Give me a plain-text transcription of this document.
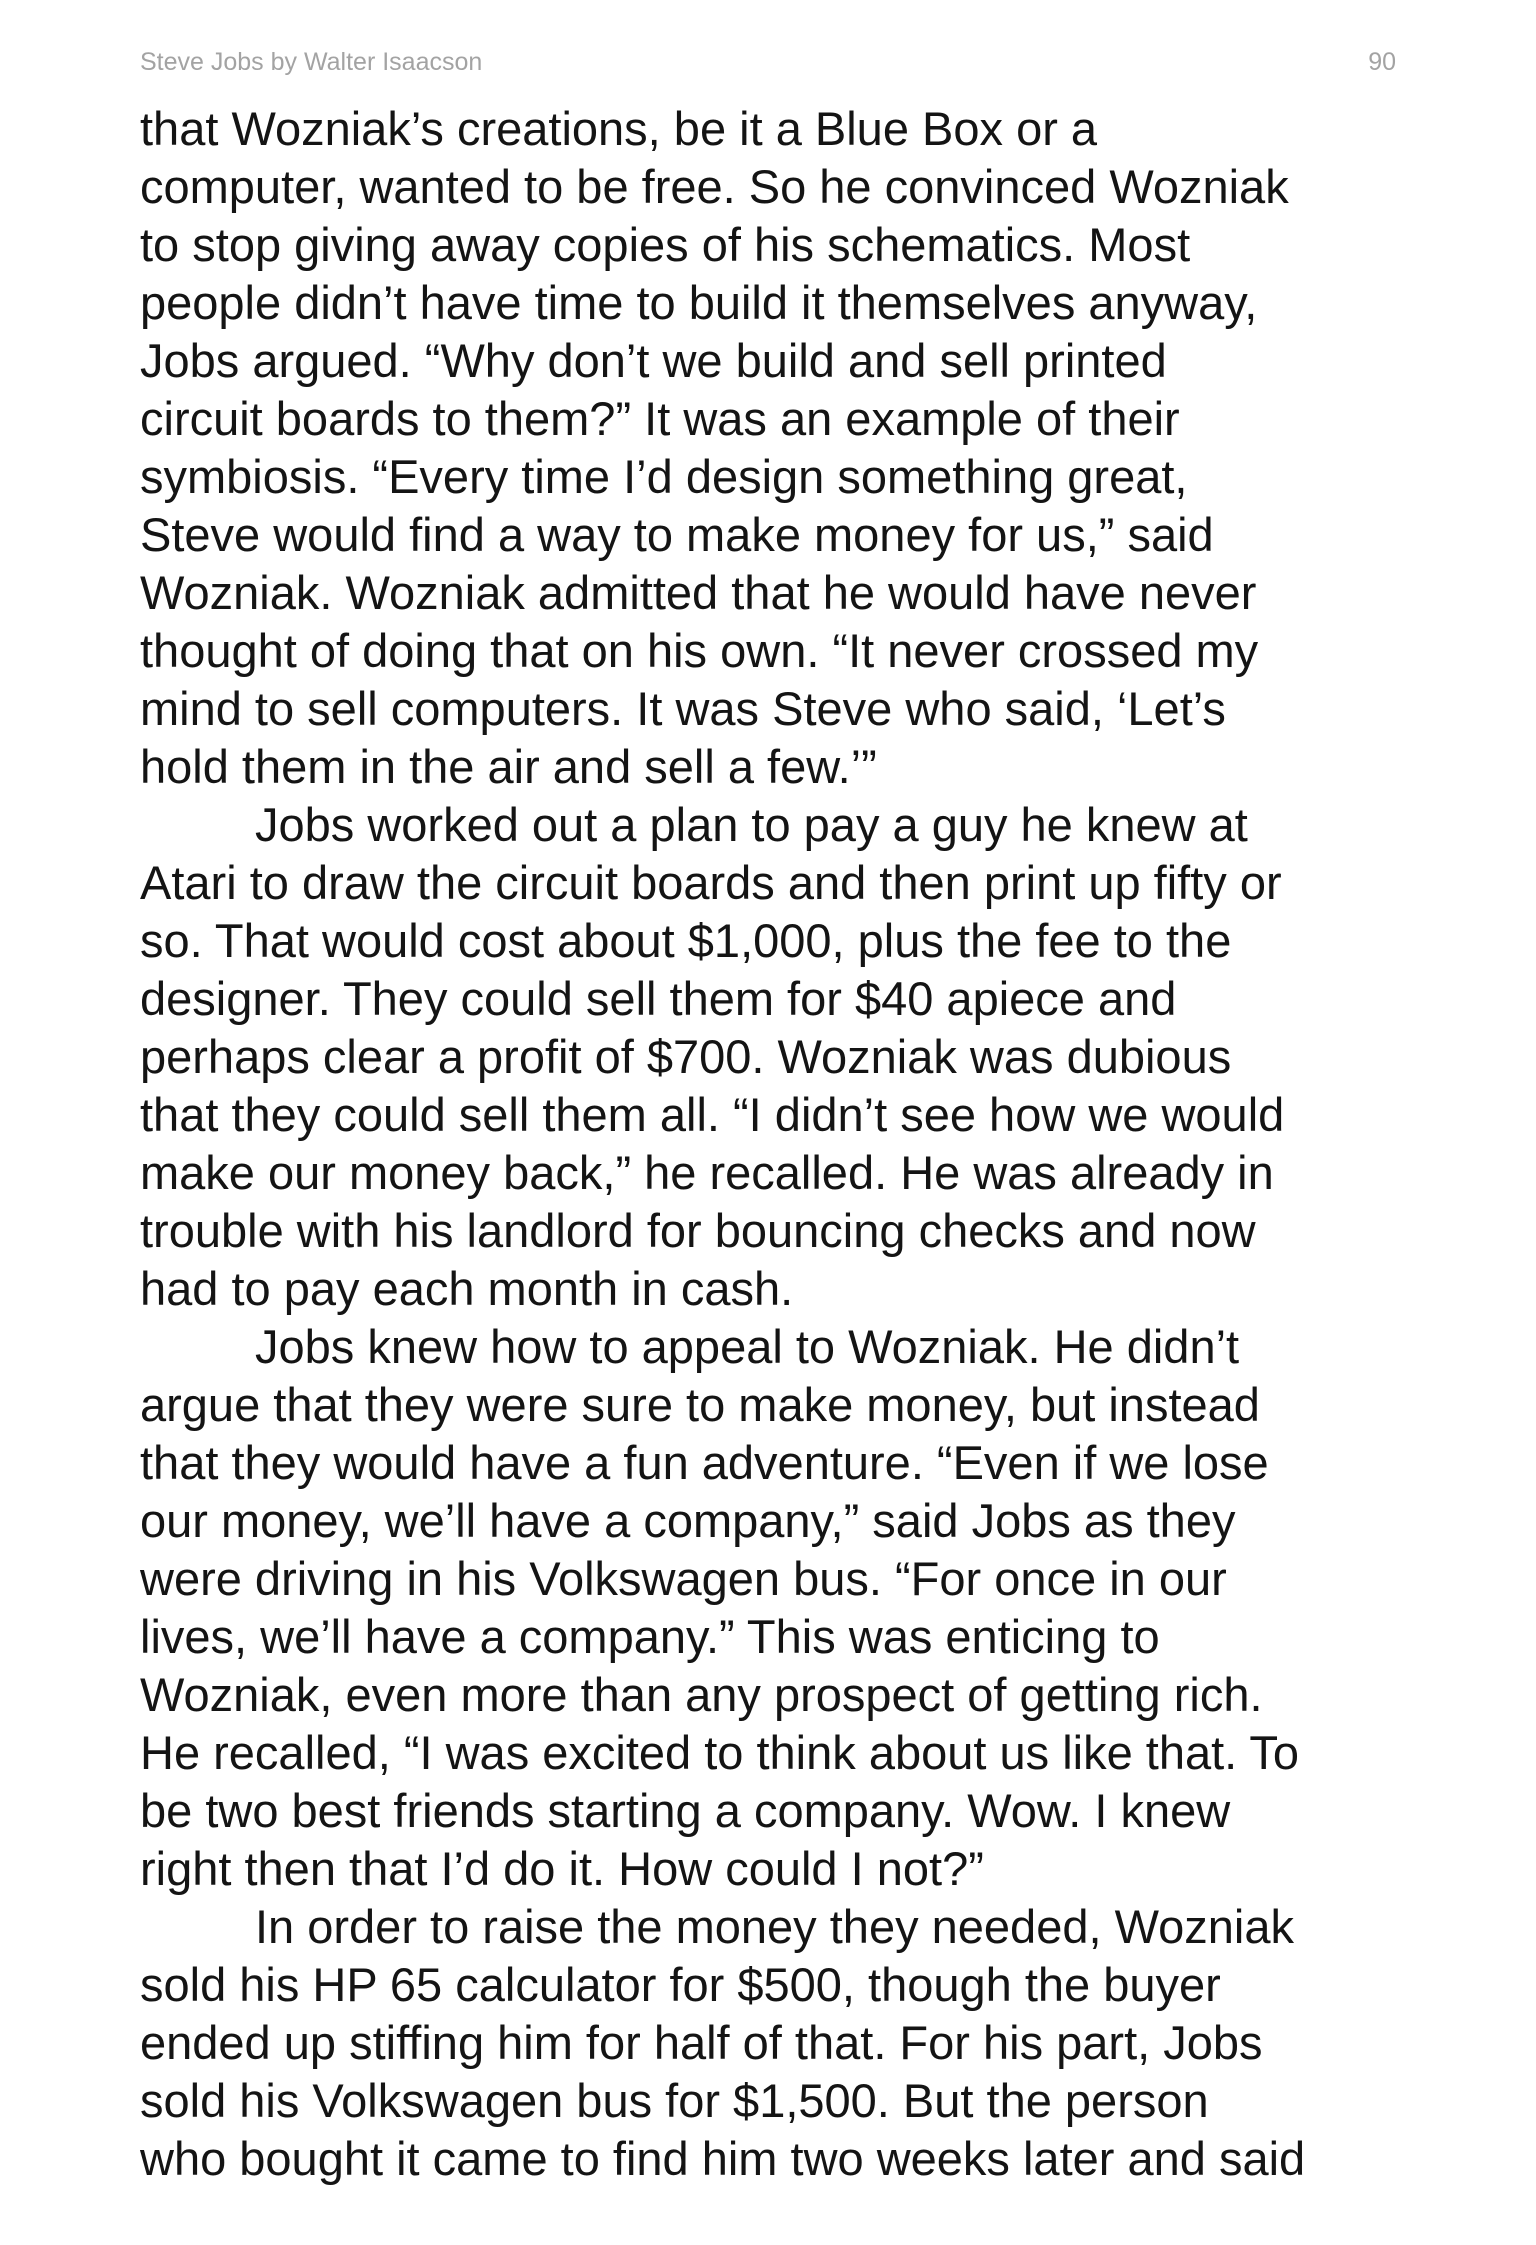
Steve Jobs by Walter Isaacson	90
that Wozniak’s creations, be it a Blue Box or a
computer, wanted to be free. So he convinced Wozniak
to stop giving away copies of his schematics. Most
people didn’t have time to build it themselves anyway,
Jobs argued. “Why don’t we build and sell printed
circuit boards to them?” It was an example of their
symbiosis. “Every time I’d design something great,
Steve would find a way to make money for us,” said
Wozniak. Wozniak admitted that he would have never
thought of doing that on his own. “It never crossed my
mind to sell computers. It was Steve who said, ‘Let’s
hold them in the air and sell a few.’”
Jobs worked out a plan to pay a guy he knew at
Atari to draw the circuit boards and then print up fifty or
so. That would cost about $1,000, plus the fee to the
designer. They could sell them for $40 apiece and
perhaps clear a profit of $700. Wozniak was dubious
that they could sell them all. “I didn’t see how we would
make our money back,” he recalled. He was already in
trouble with his landlord for bouncing checks and now
had to pay each month in cash.
Jobs knew how to appeal to Wozniak. He didn’t
argue that they were sure to make money, but instead
that they would have a fun adventure. “Even if we lose
our money, we’ll have a company,” said Jobs as they
were driving in his Volkswagen bus. “For once in our
lives, we’ll have a company.” This was enticing to
Wozniak, even more than any prospect of getting rich.
He recalled, “I was excited to think about us like that. To
be two best friends starting a company. Wow. I knew
right then that I’d do it. How could I not?”
In order to raise the money they needed, Wozniak
sold his HP 65 calculator for $500, though the buyer
ended up stiffing him for half of that. For his part, Jobs
sold his Volkswagen bus for $1,500. But the person
who bought it came to find him two weeks later and said
